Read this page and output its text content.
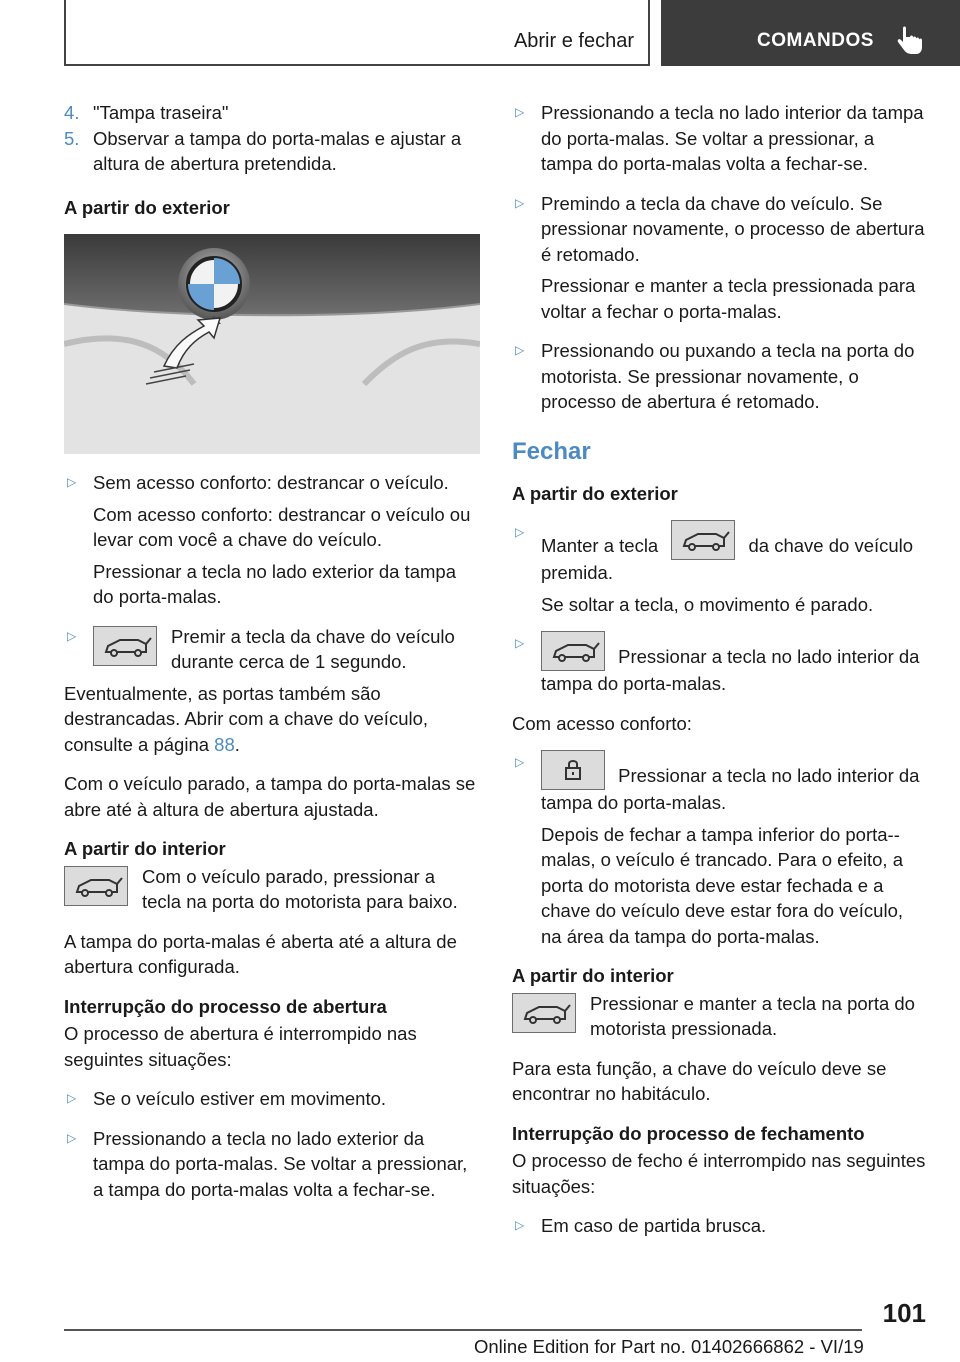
Abrir e fechar	COMANDOS
4. "Tampa traseira"
5. Observar a tampa do porta-malas e ajustar a altura de abertura pretendida.
A partir do exterior
▷ Sem acesso conforto: destrancar o veículo.
Com acesso conforto: destrancar o veículo ou levar com você a chave do veículo.
Pressionar a tecla no lado exterior da tampa do porta-malas.
▷	Premir a tecla da chave do veículo durante cerca de 1 segundo.
Eventualmente, as portas também são destrancadas. Abrir com a chave do veículo, consulte a página 88.
Com o veículo parado, a tampa do porta-malas se abre até à altura de abertura ajustada.
A partir do interior
Com o veículo parado, pressionar a tecla na porta do motorista para baixo.
A tampa do porta-malas é aberta até a altura de abertura configurada.
Interrupção do processo de abertura
O processo de abertura é interrompido nas seguintes situações:
▷ Se o veículo estiver em movimento.
▷ Pressionando a tecla no lado exterior da tampa do porta-malas. Se voltar a pressionar, a tampa do porta-malas volta a fechar-se.
▷ Pressionando a tecla no lado interior da tampa do porta-malas. Se voltar a pressionar, a tampa do porta-malas volta a fechar-se.
▷ Premindo a tecla da chave do veículo. Se pressionar novamente, o processo de abertura é retomado.
Pressionar e manter a tecla pressionada para voltar a fechar o porta-malas.
▷ Pressionando ou puxando a tecla na porta do motorista. Se pressionar novamente, o processo de abertura é retomado.
Fechar
A partir do exterior
▷
Manter a tecla	da chave do veículo premida.
Se soltar a tecla, o movimento é parado.
▷
Pressionar a tecla no lado interior da tampa do porta-malas.
Com acesso conforto:
▷
Pressionar a tecla no lado interior da tampa do porta-malas.
Depois de fechar a tampa inferior do porta--malas, o veículo é trancado. Para o efeito, a porta do motorista deve estar fechada e a chave do veículo deve estar fora do veículo, na área da tampa do porta-malas.
A partir do interior
Pressionar e manter a tecla na porta do motorista pressionada.
Para esta função, a chave do veículo deve se encontrar no habitáculo.
Interrupção do processo de fechamento
O processo de fecho é interrompido nas seguintes situações:
▷ Em caso de partida brusca.
101
Online Edition for Part no. 01402666862 - VI/19
